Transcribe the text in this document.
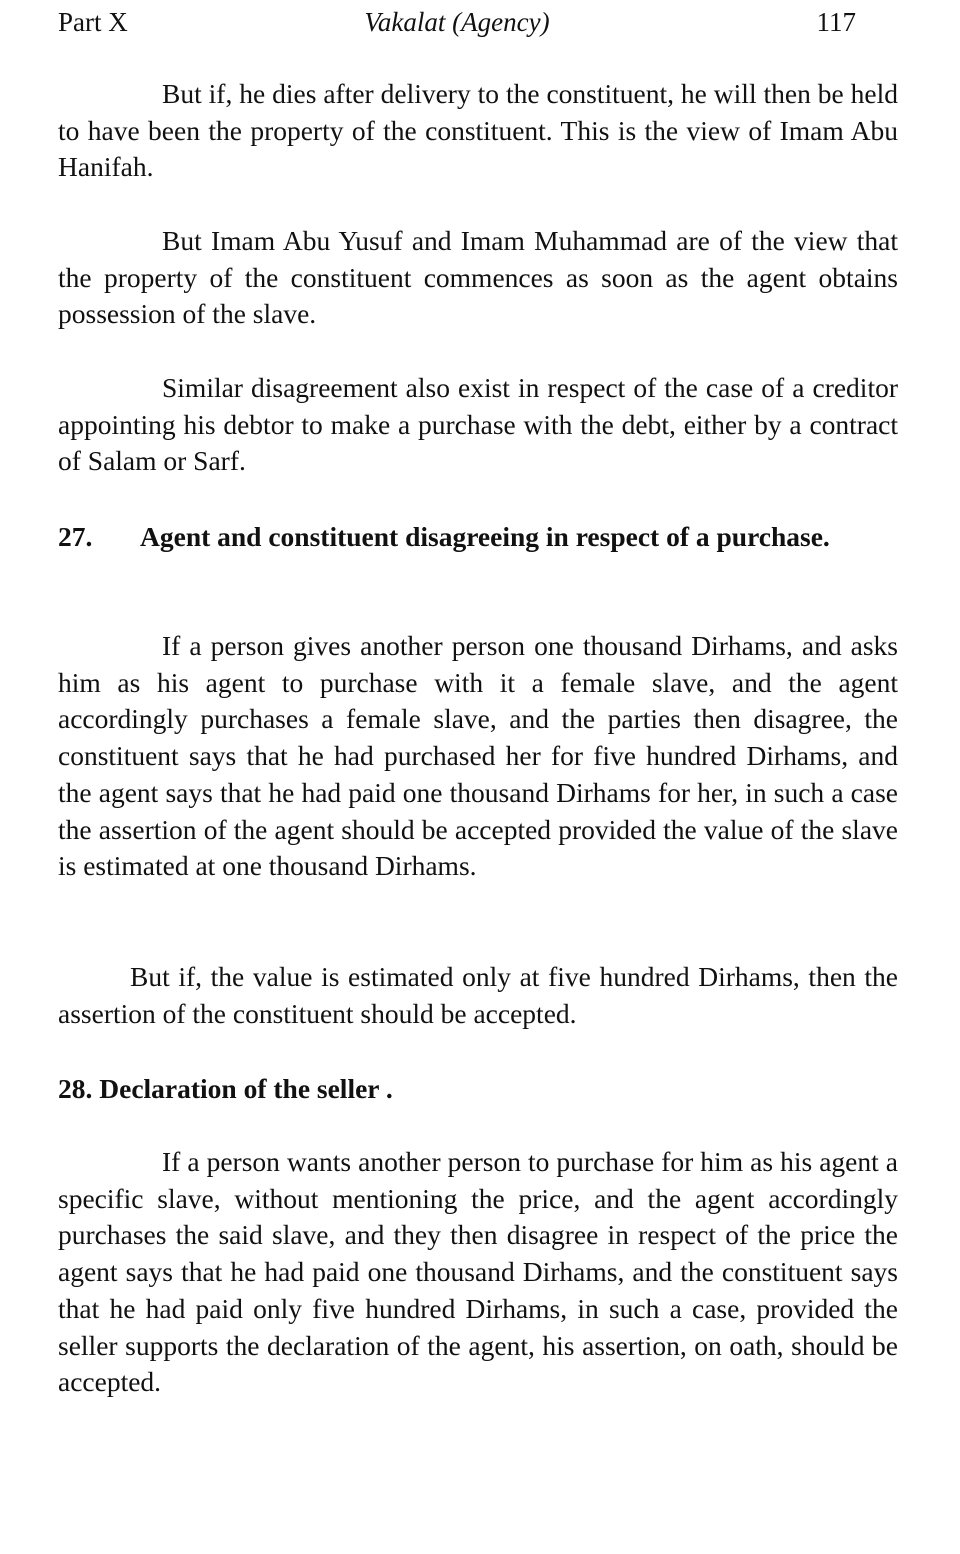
Part X	Vakalat (Agency)	117

But if, he dies after delivery to the constituent, he will then be held to have been the property of the constituent. This is the view of Imam Abu Hanifah.

But Imam Abu Yusuf and Imam Muhammad are of the view that the property of the constituent commences as soon as the agent obtains possession of the slave.

Similar disagreement also exist in respect of the case of a creditor appointing his debtor to make a purchase with the debt, either by a contract of Salam or Sarf.

27. Agent and constituent disagreeing in respect of a purchase.

If a person gives another person one thousand Dirhams, and asks him as his agent to purchase with it a female slave, and the agent accordingly purchases a female slave, and the parties then disagree, the constituent says that he had purchased her for five hundred Dirhams, and the agent says that he had paid one thousand Dirhams for her, in such a case the assertion of the agent should be accepted provided the value of the slave is estimated at one thousand Dirhams.

But if, the value is estimated only at five hundred Dirhams, then the assertion of the constituent should be accepted.

28. Declaration of the seller .

If a person wants another person to purchase for him as his agent a specific slave, without mentioning the price, and the agent accordingly purchases the said slave, and they then disagree in respect of the price the agent says that he had paid one thousand Dirhams, and the constituent says that he had paid only five hundred Dirhams, in such a case, provided the seller supports the declaration of the agent, his assertion, on oath, should be accepted.
